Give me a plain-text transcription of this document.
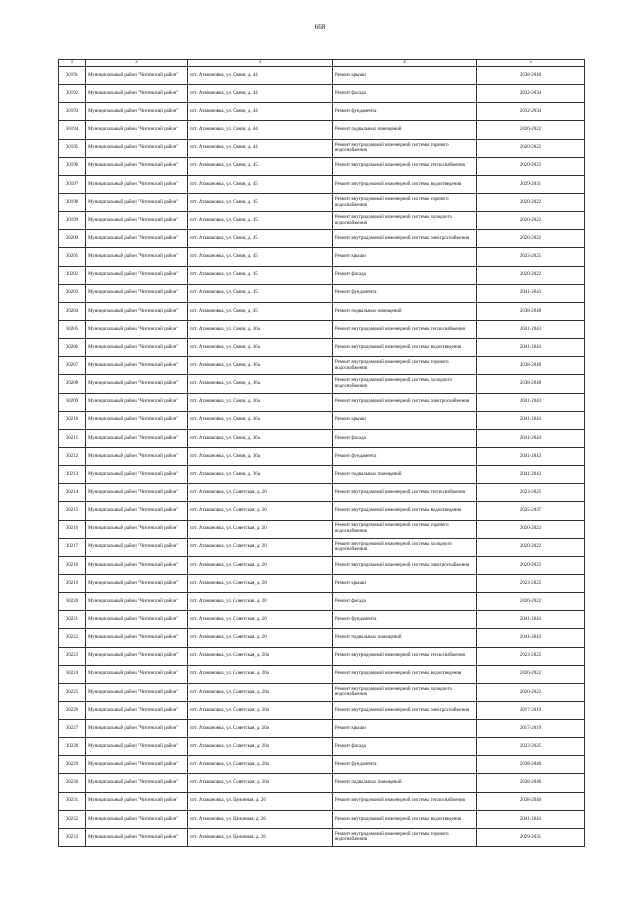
668
1	2	3	4	5
30191	Муниципальный район "Читинский район"	пгт. Атамановка, ул. Связи, д. 44	Ремонт крыши	2038-2040
30192	Муниципальный район "Читинский район"	пгт. Атамановка, ул. Связи, д. 44	Ремонт фасада	2032-2034
30193	Муниципальный район "Читинский район"	пгт. Атамановка, ул. Связи, д. 44	Ремонт фундамента	2032-2034
30194	Муниципальный район "Читинский район"	пгт. Атамановка, ул. Связи, д. 44	Ремонт подвальных помещений	2020-2022
30195	Муниципальный район "Читинский район"	пгт. Атамановка, ул. Связи, д. 44	Ремонт внутридомовой инженерной системы горячего водоснабжения	2020-2022
30196	Муниципальный район "Читинский район"	пгт. Атамановка, ул. Связи, д. 45	Ремонт внутридомовой инженерной системы теплоснабжения	2020-2022
30197	Муниципальный район "Читинский район"	пгт. Атамановка, ул. Связи, д. 45	Ремонт внутридомовой инженерной системы водоотведения	2029-2031
30198	Муниципальный район "Читинский район"	пгт. Атамановка, ул. Связи, д. 45	Ремонт внутридомовой инженерной системы горячего водоснабжения	2020-2022
30199	Муниципальный район "Читинский район"	пгт. Атамановка, ул. Связи, д. 45	Ремонт внутридомовой инженерной системы холодного водоснабжения	2020-2022
30200	Муниципальный район "Читинский район"	пгт. Атамановка, ул. Связи, д. 45	Ремонт внутридомовой инженерной системы электроснабжения	2020-2022
30201	Муниципальный район "Читинский район"	пгт. Атамановка, ул. Связи, д. 45	Ремонт крыши	2023-2025
30202	Муниципальный район "Читинский район"	пгт. Атамановка, ул. Связи, д. 45	Ремонт фасада	2020-2022
30203	Муниципальный район "Читинский район"	пгт. Атамановка, ул. Связи, д. 45	Ремонт фундамента	2041-2043
30204	Муниципальный район "Читинский район"	пгт. Атамановка, ул. Связи, д. 45	Ремонт подвальных помещений	2038-2040
30205	Муниципальный район "Читинский район"	пгт. Атамановка, ул. Связи, д. 36а	Ремонт внутридомовой инженерной системы теплоснабжения	2041-2043
30206	Муниципальный район "Читинский район"	пгт. Атамановка, ул. Связи, д. 36а	Ремонт внутридомовой инженерной системы водоотведения	2041-2043
30207	Муниципальный район "Читинский район"	пгт. Атамановка, ул. Связи, д. 36а	Ремонт внутридомовой инженерной системы горячего водоснабжения	2038-2040
30208	Муниципальный район "Читинский район"	пгт. Атамановка, ул. Связи, д. 36а	Ремонт внутридомовой инженерной системы холодного водоснабжения	2038-2040
30209	Муниципальный район "Читинский район"	пгт. Атамановка, ул. Связи, д. 36а	Ремонт внутридомовой инженерной системы электроснабжения	2041-2043
30210	Муниципальный район "Читинский район"	пгт. Атамановка, ул. Связи, д. 36а	Ремонт крыши	2041-2043
30211	Муниципальный район "Читинский район"	пгт. Атамановка, ул. Связи, д. 36а	Ремонт фасада	2041-2043
30212	Муниципальный район "Читинский район"	пгт. Атамановка, ул. Связи, д. 36а	Ремонт фундамента	2041-2043
30213	Муниципальный район "Читинский район"	пгт. Атамановка, ул. Связи, д. 36а	Ремонт подвальных помещений	2041-2043
30214	Муниципальный район "Читинский район"	пгт. Атамановка, ул. Советская, д. 20	Ремонт внутридомовой инженерной системы теплоснабжения	2023-2025
30215	Муниципальный район "Читинский район"	пгт. Атамановка, ул. Советская, д. 20	Ремонт внутридомовой инженерной системы водоотведения	2035-2037
30216	Муниципальный район "Читинский район"	пгт. Атамановка, ул. Советская, д. 20	Ремонт внутридомовой инженерной системы горячего водоснабжения	2020-2022
30217	Муниципальный район "Читинский район"	пгт. Атамановка, ул. Советская, д. 20	Ремонт внутридомовой инженерной системы холодного водоснабжения	2020-2022
30218	Муниципальный район "Читинский район"	пгт. Атамановка, ул. Советская, д. 20	Ремонт внутридомовой инженерной системы электроснабжения	2020-2022
30219	Муниципальный район "Читинский район"	пгт. Атамановка, ул. Советская, д. 20	Ремонт крыши	2023-2025
30220	Муниципальный район "Читинский район"	пгт. Атамановка, ул. Советская, д. 20	Ремонт фасада	2020-2022
30221	Муниципальный район "Читинский район"	пгт. Атамановка, ул. Советская, д. 20	Ремонт фундамента	2041-2043
30222	Муниципальный район "Читинский район"	пгт. Атамановка, ул. Советская, д. 20	Ремонт подвальных помещений	2041-2043
30223	Муниципальный район "Читинский район"	пгт. Атамановка, ул. Советская, д. 20а	Ремонт внутридомовой инженерной системы теплоснабжения	2023-2025
30224	Муниципальный район "Читинский район"	пгт. Атамановка, ул. Советская, д. 20а	Ремонт внутридомовой инженерной системы водоотведения	2020-2022
30225	Муниципальный район "Читинский район"	пгт. Атамановка, ул. Советская, д. 20а	Ремонт внутридомовой инженерной системы холодного водоснабжения	2020-2022
30226	Муниципальный район "Читинский район"	пгт. Атамановка, ул. Советская, д. 20а	Ремонт внутридомовой инженерной системы электроснабжения	2017-2019
30227	Муниципальный район "Читинский район"	пгт. Атамановка, ул. Советская, д. 20а	Ремонт крыши	2017-2019
30228	Муниципальный район "Читинский район"	пгт. Атамановка, ул. Советская, д. 20а	Ремонт фасада	2023-2025
30229	Муниципальный район "Читинский район"	пгт. Атамановка, ул. Советская, д. 20а	Ремонт фундамента	2038-2040
30230	Муниципальный район "Читинский район"	пгт. Атамановка, ул. Советская, д. 20а	Ремонт подвальных помещений	2038-2040
30231	Муниципальный район "Читинский район"	пгт. Атамановка, ул. Целинная, д. 26	Ремонт внутридомовой инженерной системы теплоснабжения	2038-2040
30232	Муниципальный район "Читинский район"	пгт. Атамановка, ул. Целинная, д. 26	Ремонт внутридомовой инженерной системы водоотведения	2041-2043
30233	Муниципальный район "Читинский район"	пгт. Атамановка, ул. Целинная, д. 26	Ремонт внутридомовой инженерной системы горячего водоснабжения	2029-2031
